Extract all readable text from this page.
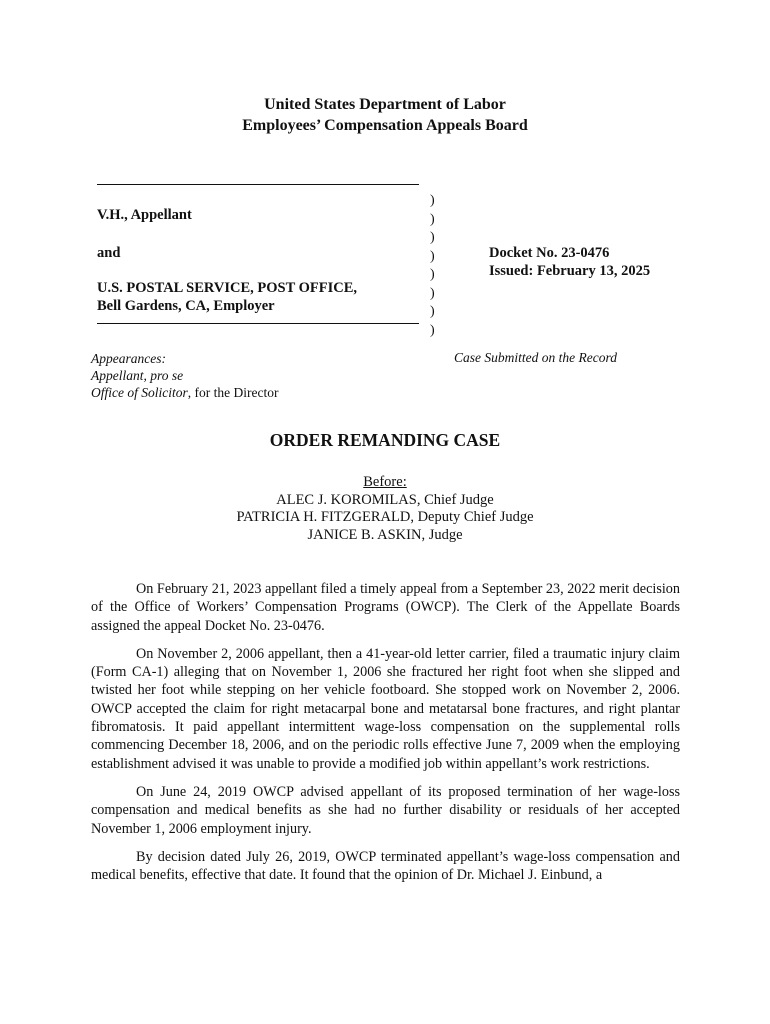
United States Department of Labor
Employees’ Compensation Appeals Board
V.H., Appellant
and
U.S. POSTAL SERVICE, POST OFFICE,
Bell Gardens, CA, Employer
)
)
)
)
)
)
)
)
Docket No. 23-0476
Issued: February 13, 2025
Appearances:
Appellant, pro se
Office of Solicitor, for the Director
Case Submitted on the Record
ORDER REMANDING CASE
Before:
ALEC J. KOROMILAS, Chief Judge
PATRICIA H. FITZGERALD, Deputy Chief Judge
JANICE B. ASKIN, Judge

On February 21, 2023 appellant filed a timely appeal from a September 23, 2022 merit decision of the Office of Workers’ Compensation Programs (OWCP). The Clerk of the Appellate Boards assigned the appeal Docket No. 23-0476.

On November 2, 2006 appellant, then a 41-year-old letter carrier, filed a traumatic injury claim (Form CA-1) alleging that on November 1, 2006 she fractured her right foot when she slipped and twisted her foot while stepping on her vehicle footboard. She stopped work on November 2, 2006. OWCP accepted the claim for right metacarpal bone and metatarsal bone fractures, and right plantar fibromatosis. It paid appellant intermittent wage-loss compensation on the supplemental rolls commencing December 18, 2006, and on the periodic rolls effective June 7, 2009 when the employing establishment advised it was unable to provide a modified job within appellant’s work restrictions.

On June 24, 2019 OWCP advised appellant of its proposed termination of her wage-loss compensation and medical benefits as she had no further disability or residuals of her accepted November 1, 2006 employment injury.

By decision dated July 26, 2019, OWCP terminated appellant’s wage-loss compensation and medical benefits, effective that date. It found that the opinion of Dr. Michael J. Einbund, a
